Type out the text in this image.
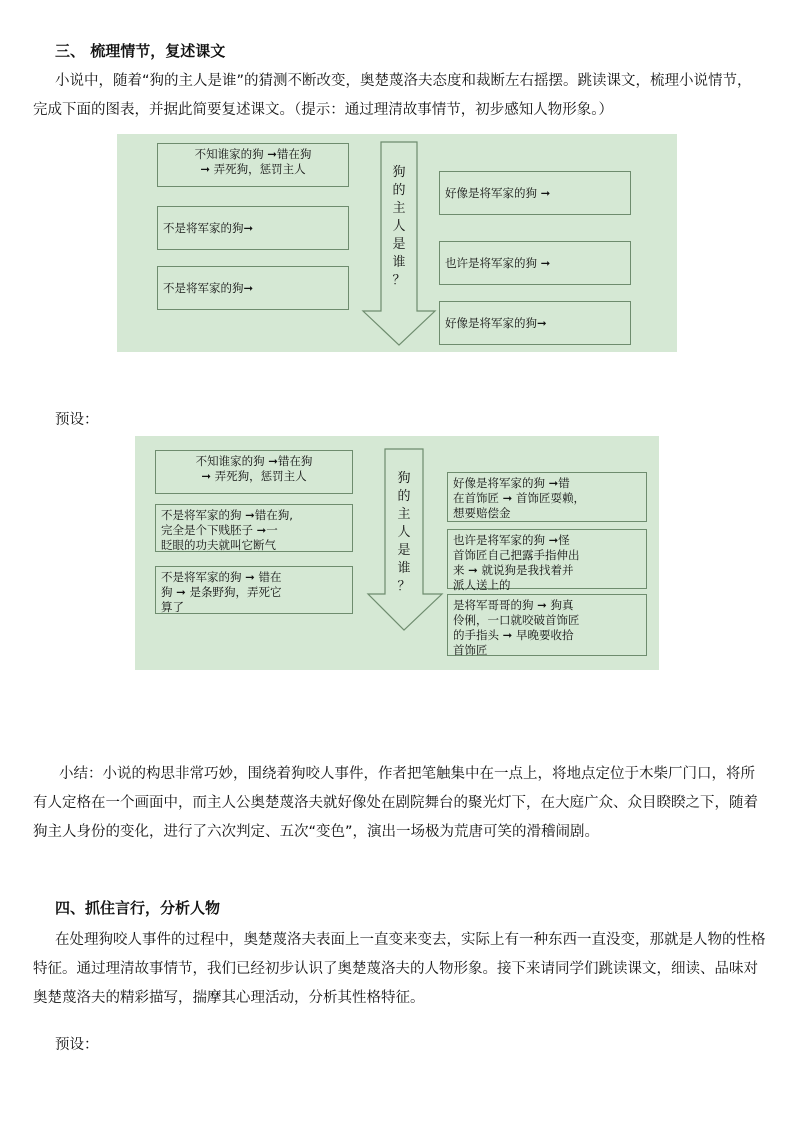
三、 梳理情节，复述课文

小说中，随着“狗的主人是谁”的猜测不断改变，奥楚蔑洛夫态度和裁断左右摇摆。跳读课文，梳理小说情节，完成下面的图表，并据此简要复述课文。（提示：通过理清故事情节，初步感知人物形象。）

不知谁家的狗 ➞错在狗
➞ 弄死狗，惩罚主人
不是将军家的狗➞
不是将军家的狗➞
狗
的
主
人
是
谁
？
好像是将军家的狗 ➞
也许是将军家的狗 ➞
好像是将军家的狗➞

预设：

不知谁家的狗 ➞错在狗
➞ 弄死狗，惩罚主人
不是将军家的狗 ➞错在狗,
完全是个下贱胚子 ➞一
眨眼的功夫就叫它断气
不是将军家的狗 ➞ 错在
狗 ➞ 是条野狗，弄死它
算了
狗
的
主
人
是
谁
？
好像是将军家的狗 ➞错
在首饰匠 ➞ 首饰匠耍赖，
想要赔偿金
也许是将军家的狗 ➞怪
首饰匠自己把露手指伸出
来 ➞ 就说狗是我找着并
派人送上的
是将军哥哥的狗 ➞ 狗真
伶俐，一口就咬破首饰匠
的手指头 ➞ 早晚要收拾
首饰匠

小结：小说的构思非常巧妙，围绕着狗咬人事件，作者把笔触集中在一点上，将地点定位于木柴厂门口，将所有人定格在一个画面中，而主人公奥楚蔑洛夫就好像处在剧院舞台的聚光灯下，在大庭广众、众目睽睽之下，随着狗主人身份的变化，进行了六次判定、五次“变色”，演出一场极为荒唐可笑的滑稽闹剧。

四、抓住言行，分析人物

在处理狗咬人事件的过程中，奥楚蔑洛夫表面上一直变来变去，实际上有一种东西一直没变，那就是人物的性格特征。通过理清故事情节，我们已经初步认识了奥楚蔑洛夫的人物形象。接下来请同学们跳读课文，细读、品味对奥楚蔑洛夫的精彩描写，揣摩其心理活动，分析其性格特征。

预设：
